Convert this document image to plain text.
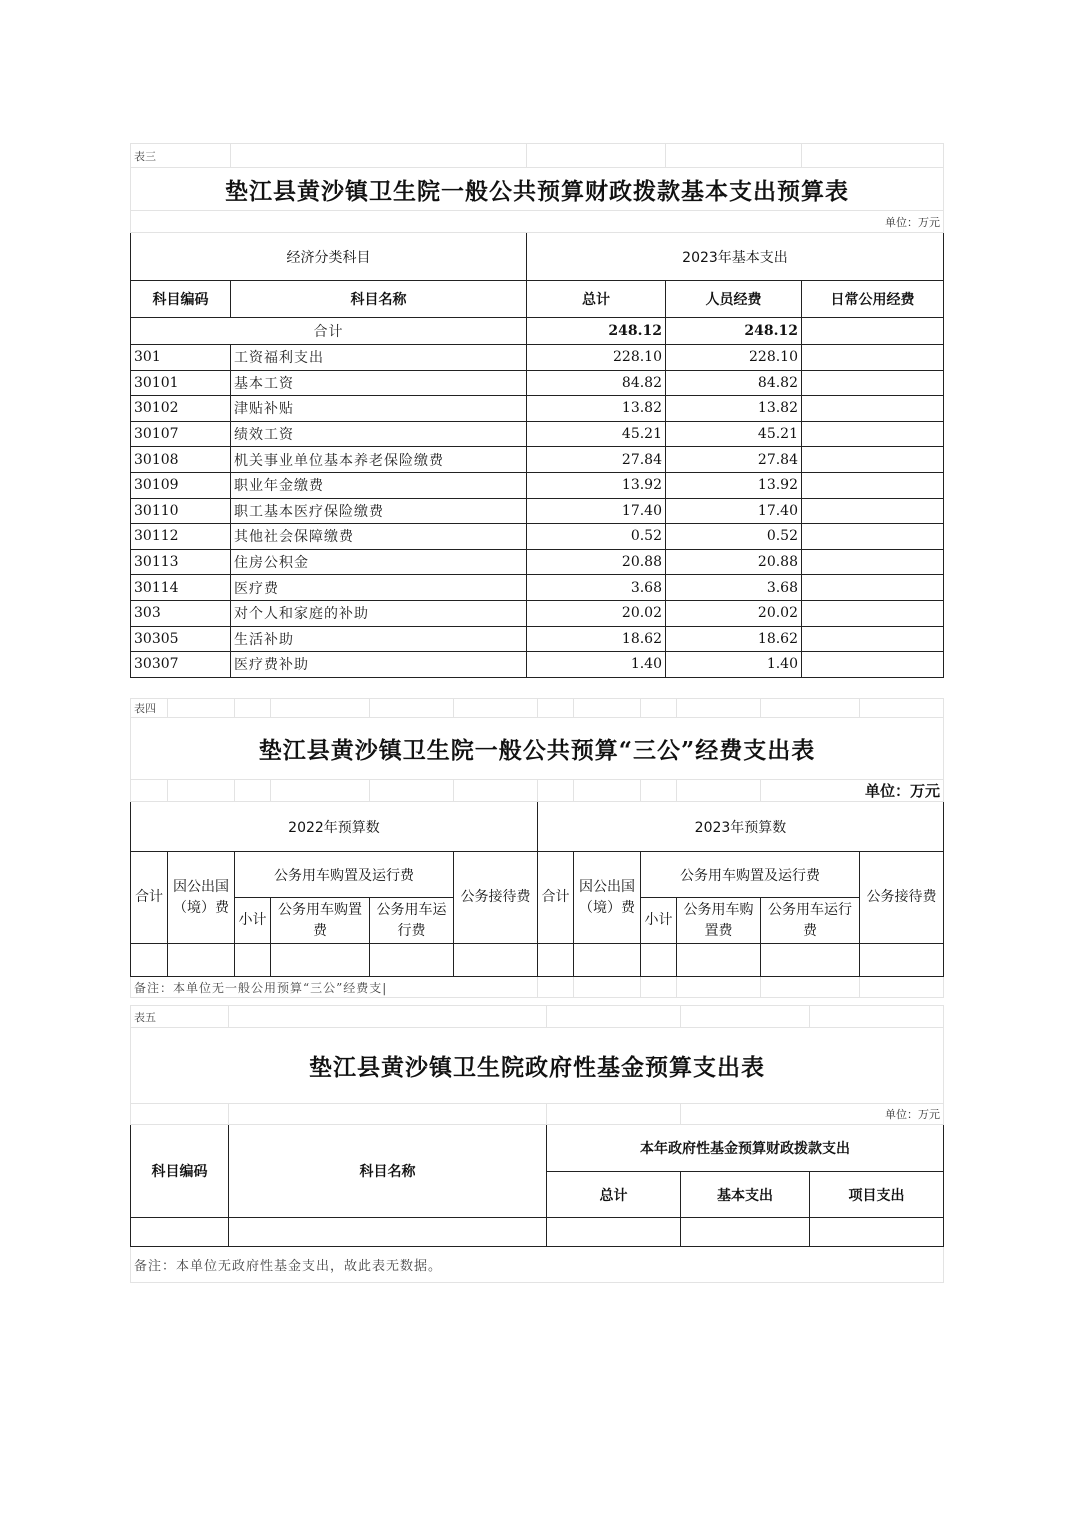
表三				
垫江县黄沙镇卫生院一般公共预算财政拨款基本支出预算表				
单位：万元				
经济分类科目		2023年基本支出		
科目编码	科目名称	总计	人员经费	日常公用经费
合计		248.12	248.12	
301	工资福利支出	228.10	228.10	
30101	基本工资	84.82	84.82	
30102	津贴补贴	13.82	13.82	
30107	绩效工资	45.21	45.21	
30108	机关事业单位基本养老保险缴费	27.84	27.84	
30109	职业年金缴费	13.92	13.92	
30110	职工基本医疗保险缴费	17.40	17.40	
30112	其他社会保障缴费	0.52	0.52	
30113	住房公积金	20.88	20.88	
30114	医疗费	3.68	3.68	
303	对个人和家庭的补助	20.02	20.02	
30305	生活补助	18.62	18.62	
30307	医疗费补助	1.40	1.40	
表四											
垫江县黄沙镇卫生院一般公共预算“三公”经费支出表											
										单位：万元	
2022年预算数						2023年预算数					
合计	因公出国（境）费	公务用车购置及运行费			公务接待费	合计	因公出国（境）费	公务用车购置及运行费			公务接待费
		小计	公务用车购置费	公务用车运行费				小计	公务用车购置费	公务用车运行费	

备注：本单位无一般公用预算“三公”经费支|											
表五				
垫江县黄沙镇卫生院政府性基金预算支出表				
			单位：万元	
科目编码	科目名称	本年政府性基金预算财政拨款支出		
		总计	基本支出	项目支出

备注：本单位无政府性基金支出，故此表无数据。				
